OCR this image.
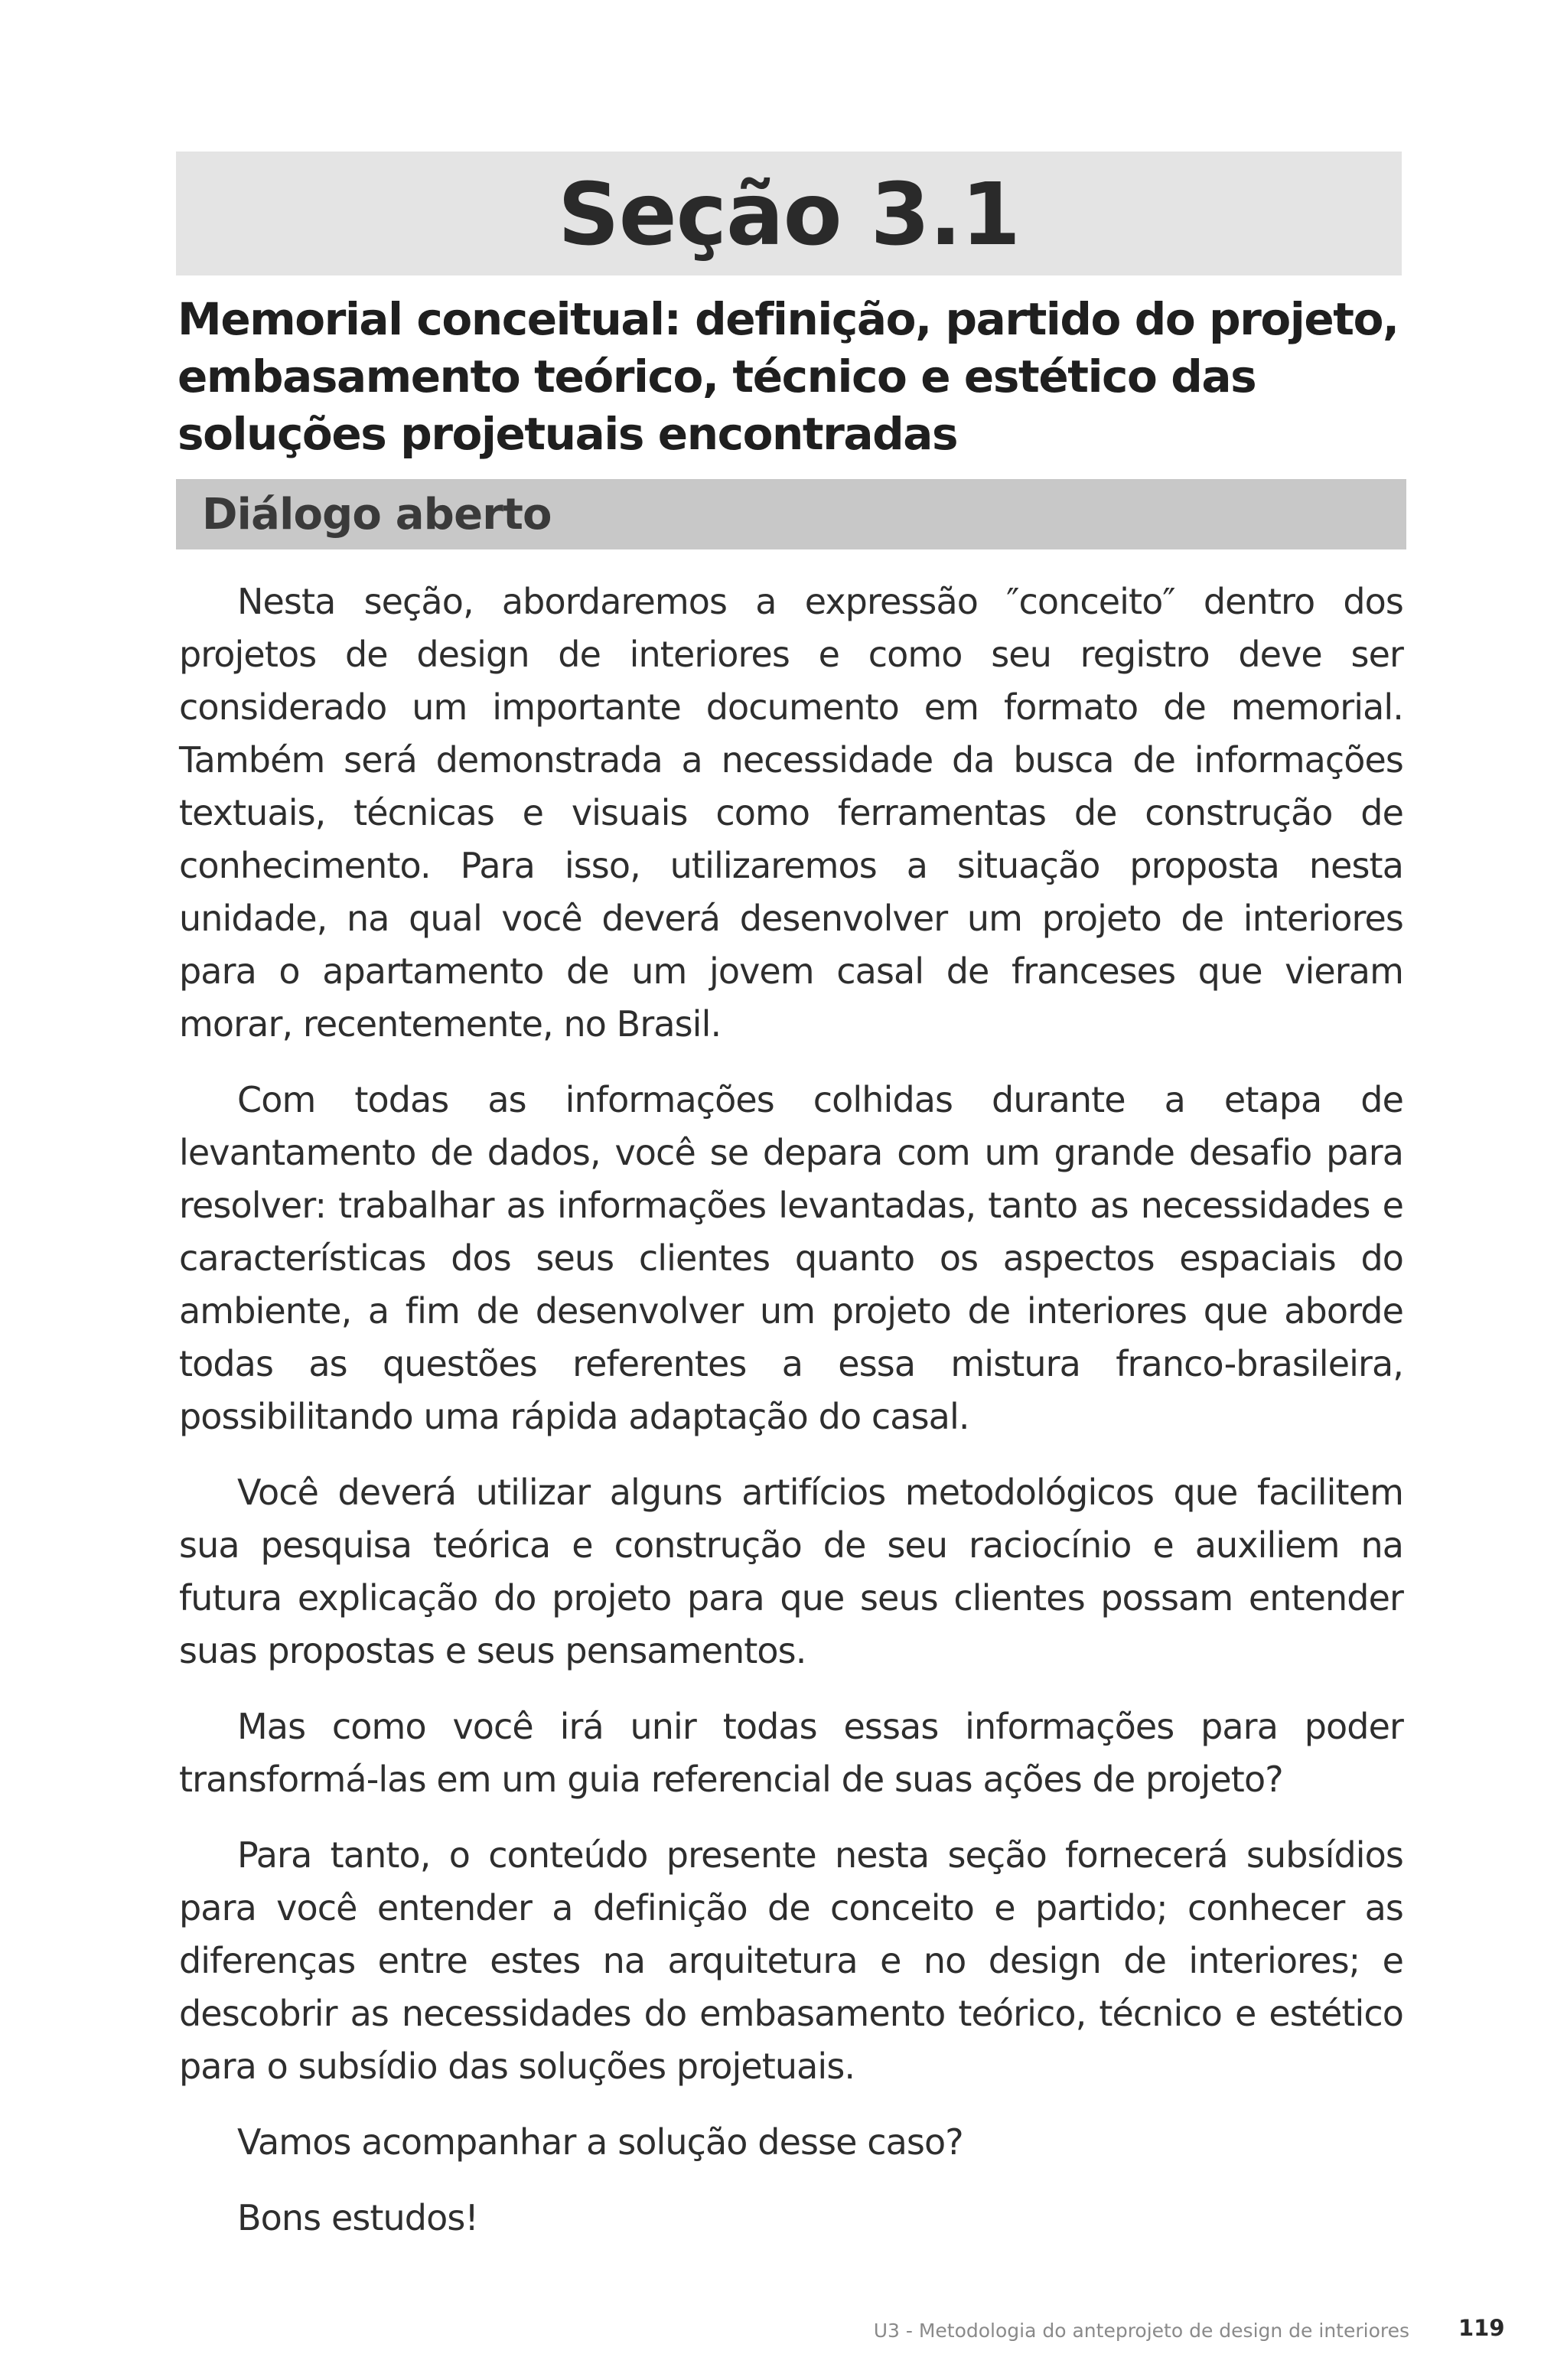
Seção 3.1
Memorial conceitual: definição, partido do projeto, embasamento teórico, técnico e estético das soluções projetuais encontradas
Diálogo aberto

Nesta seção, abordaremos a expressão ″conceito″ dentro dos projetos de design de interiores e como seu registro deve ser considerado um importante documento em formato de memorial. Também será demonstrada a necessidade da busca de informações textuais, técnicas e visuais como ferramentas de construção de conhecimento. Para isso, utilizaremos a situação proposta nesta unidade, na qual você deverá desenvolver um projeto de interiores para o apartamento de um jovem casal de franceses que vieram morar, recentemente, no Brasil.

Com todas as informações colhidas durante a etapa de levantamento de dados, você se depara com um grande desafio para resolver: trabalhar as informações levantadas, tanto as necessidades e características dos seus clientes quanto os aspectos espaciais do ambiente, a fim de desenvolver um projeto de interiores que aborde todas as questões referentes a essa mistura franco-brasileira, possibilitando uma rápida adaptação do casal.

Você deverá utilizar alguns artifícios metodológicos que facilitem sua pesquisa teórica e construção de seu raciocínio e auxiliem na futura explicação do projeto para que seus clientes possam entender suas propostas e seus pensamentos.

Mas como você irá unir todas essas informações para poder transformá-las em um guia referencial de suas ações de projeto?

Para tanto, o conteúdo presente nesta seção fornecerá subsídios para você entender a definição de conceito e partido; conhecer as diferenças entre estes na arquitetura e no design de interiores; e descobrir as necessidades do embasamento teórico, técnico e estético para o subsídio das soluções projetuais.

Vamos acompanhar a solução desse caso?

Bons estudos!

U3 - Metodologia do anteprojeto de design de interiores 119
